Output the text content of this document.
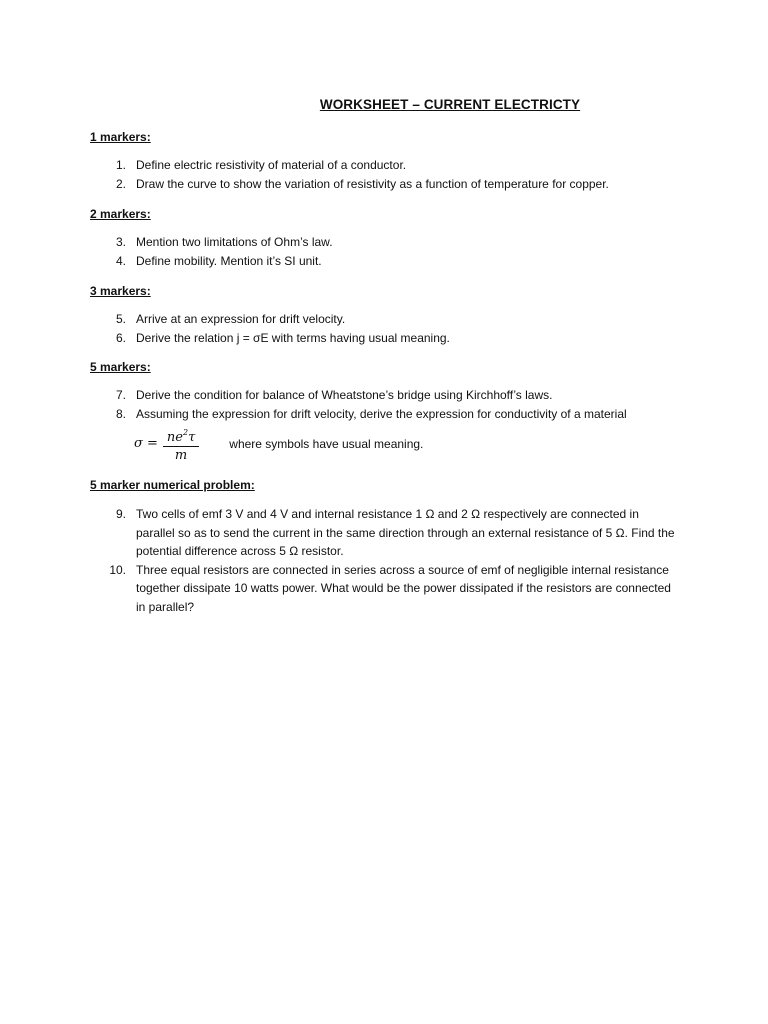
WORKSHEET – CURRENT ELECTRICTY
1 markers:
1. Define electric resistivity of material of a conductor.
2. Draw the curve to show the variation of resistivity as a function of temperature for copper.
2 markers:
3. Mention two limitations of Ohm’s law.
4. Define mobility. Mention it’s SI unit.
3 markers:
5. Arrive at an expression for drift velocity.
6. Derive the relation j = σE with terms having usual meaning.
5 markers:
7. Derive the condition for balance of Wheatstone’s bridge using Kirchhoff’s laws.
8. Assuming the expression for drift velocity, derive the expression for conductivity of a material
$\sigma = \frac{ne^2\tau}{m}$	where symbols have usual meaning.
5 marker numerical problem:
9. Two cells of emf 3 V and 4 V and internal resistance 1 Ω and 2 Ω respectively are connected in parallel so as to send the current in the same direction through an external resistance of 5 Ω. Find the potential difference across 5 Ω resistor.
10. Three equal resistors are connected in series across a source of emf of negligible internal resistance together dissipate 10 watts power. What would be the power dissipated if the resistors are connected in parallel?
